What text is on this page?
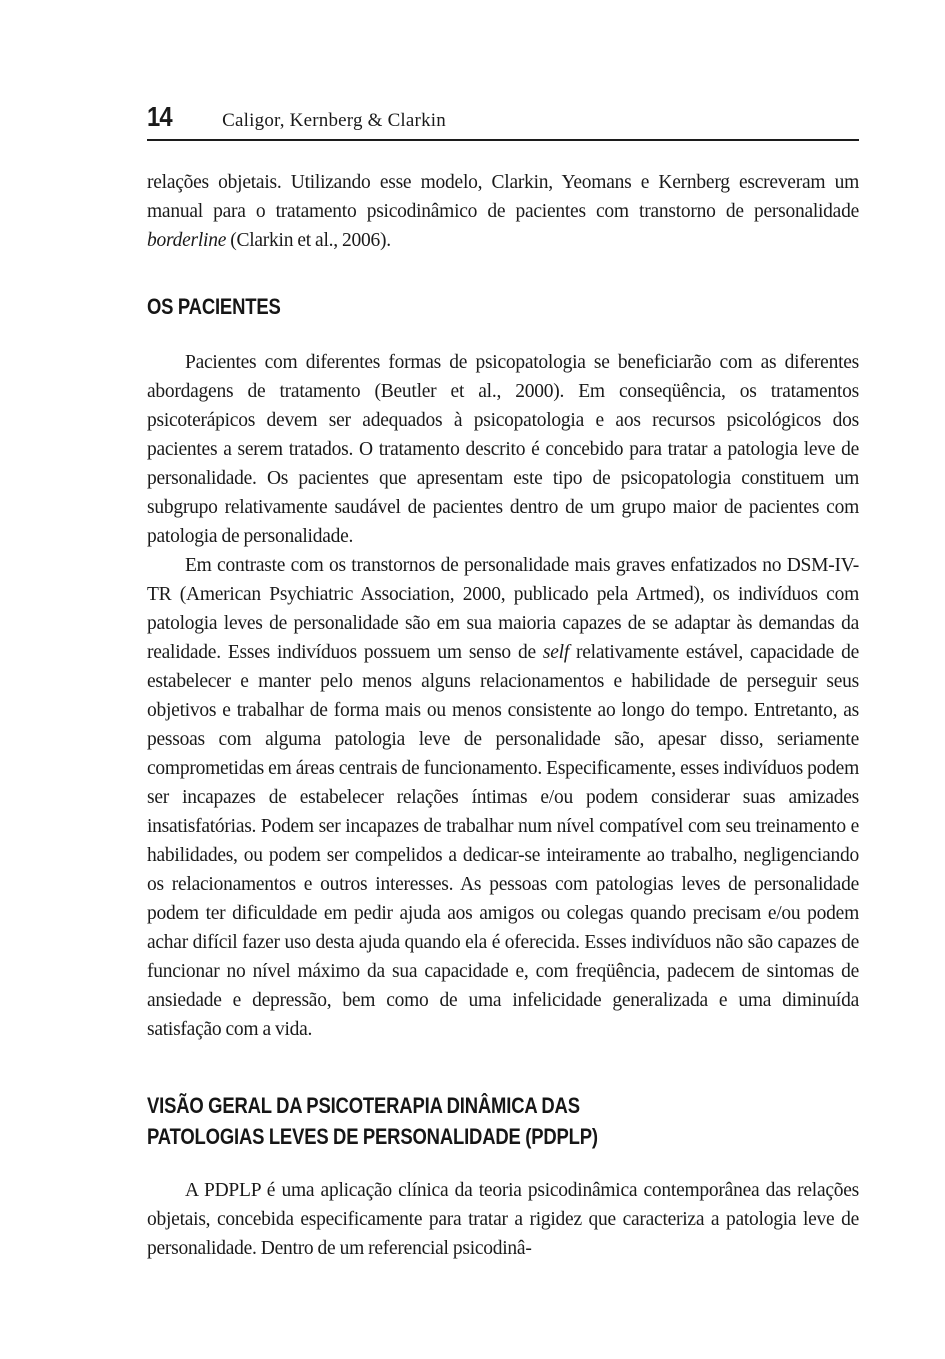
14	Caligor, Kernberg & Clarkin

relações objetais. Utilizando esse modelo, Clarkin, Yeomans e Kernberg escreveram um manual para o tratamento psicodinâmico de pacientes com transtorno de personalidade borderline (Clarkin et al., 2006).

OS PACIENTES

Pacientes com diferentes formas de psicopatologia se beneficiarão com as diferentes abordagens de tratamento (Beutler et al., 2000). Em conseqüência, os tratamentos psicoterápicos devem ser adequados à psicopatologia e aos recursos psicológicos dos pacientes a serem tratados. O tratamento descrito é concebido para tratar a patologia leve de personalidade. Os pacientes que apresentam este tipo de psicopatologia constituem um subgrupo relativamente saudável de pacientes dentro de um grupo maior de pacientes com patologia de personalidade.

Em contraste com os transtornos de personalidade mais graves enfatizados no DSM-IV-TR (American Psychiatric Association, 2000, publicado pela Artmed), os indivíduos com patologia leves de personalidade são em sua maioria capazes de se adaptar às demandas da realidade. Esses indivíduos possuem um senso de self relativamente estável, capacidade de estabelecer e manter pelo menos alguns relacionamentos e habilidade de perseguir seus objetivos e trabalhar de forma mais ou menos consistente ao longo do tempo. Entretanto, as pessoas com alguma patologia leve de personalidade são, apesar disso, seriamente comprometidas em áreas centrais de funcionamento. Especificamente, esses indivíduos podem ser incapazes de estabelecer relações íntimas e/ou podem considerar suas amizades insatisfatórias. Podem ser incapazes de trabalhar num nível compatível com seu treinamento e habilidades, ou podem ser compelidos a dedicar-se inteiramente ao trabalho, negligenciando os relacionamentos e outros interesses. As pessoas com patologias leves de personalidade podem ter dificuldade em pedir ajuda aos amigos ou colegas quando precisam e/ou podem achar difícil fazer uso desta ajuda quando ela é oferecida. Esses indivíduos não são capazes de funcionar no nível máximo da sua capacidade e, com freqüência, padecem de sintomas de ansiedade e depressão, bem como de uma infelicidade generalizada e uma diminuída satisfação com a vida.

VISÃO GERAL DA PSICOTERAPIA DINÂMICA DAS
PATOLOGIAS LEVES DE PERSONALIDADE (PDPLP)

A PDPLP é uma aplicação clínica da teoria psicodinâmica contemporânea das relações objetais, concebida especificamente para tratar a rigidez que caracteriza a patologia leve de personalidade. Dentro de um referencial psicodinâ-
